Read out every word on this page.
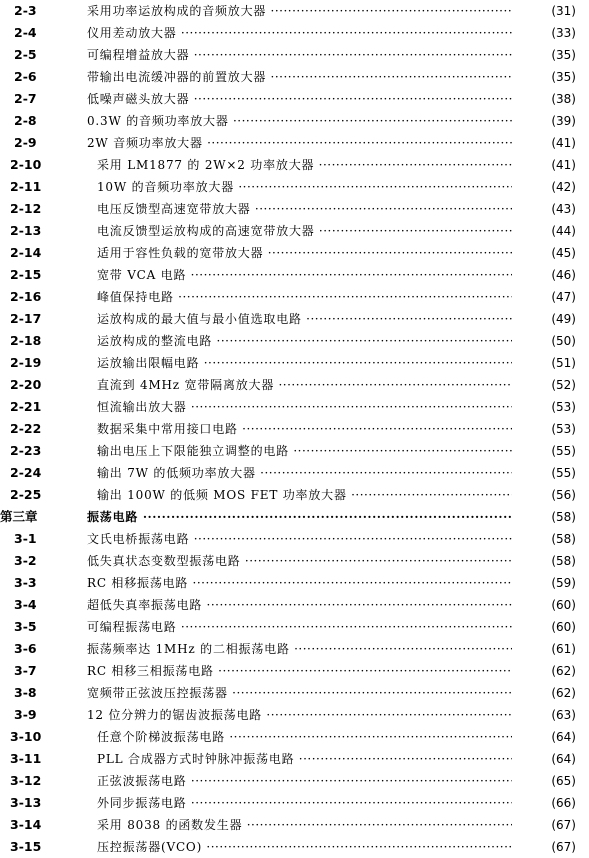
2-3	采用功率运放构成的音频放大器 ·····	(31)
2-4	仪用差动放大器 ·····	(33)
2-5	可编程增益放大器 ·····	(35)
2-6	带输出电流缓冲器的前置放大器 ·····	(35)
2-7	低噪声磁头放大器 ·····	(38)
2-8	0.3W 的音频功率放大器 ·····	(39)
2-9	2W 音频功率放大器 ·····	(41)
2-10	采用 LM1877 的 2W×2 功率放大器 ·····	(41)
2-11	10W 的音频功率放大器 ·····	(42)
2-12	电压反馈型高速宽带放大器 ·····	(43)
2-13	电流反馈型运放构成的高速宽带放大器 ·····	(44)
2-14	适用于容性负载的宽带放大器 ·····	(45)
2-15	宽带 VCA 电路 ·····	(46)
2-16	峰值保持电路 ·····	(47)
2-17	运放构成的最大值与最小值选取电路 ·····	(49)
2-18	运放构成的整流电路 ·····	(50)
2-19	运放输出限幅电路 ·····	(51)
2-20	直流到 4MHz 宽带隔离放大器 ·····	(52)
2-21	恒流输出放大器 ·····	(53)
2-22	数据采集中常用接口电路 ·····	(53)
2-23	输出电压上下限能独立调整的电路 ·····	(55)
2-24	输出 7W 的低频功率放大器 ·····	(55)
2-25	输出 100W 的低频 MOS FET 功率放大器 ·····	(56)
第三章	振荡电路 ·····	(58)
3-1	文氏电桥振荡电路 ·····	(58)
3-2	低失真状态变数型振荡电路 ·····	(58)
3-3	RC 相移振荡电路 ·····	(59)
3-4	超低失真率振荡电路 ·····	(60)
3-5	可编程振荡电路 ·····	(60)
3-6	振荡频率达 1MHz 的二相振荡电路 ·····	(61)
3-7	RC 相移三相振荡电路 ·····	(62)
3-8	宽频带正弦波压控振荡器 ·····	(62)
3-9	12 位分辨力的锯齿波振荡电路 ·····	(63)
3-10	任意个阶梯波振荡电路 ·····	(64)
3-11	PLL 合成器方式时钟脉冲振荡电路 ·····	(64)
3-12	正弦波振荡电路 ·····	(65)
3-13	外同步振荡电路 ·····	(66)
3-14	采用 8038 的函数发生器 ·····	(67)
3-15	压控振荡器(VCO) ·····	(67)
